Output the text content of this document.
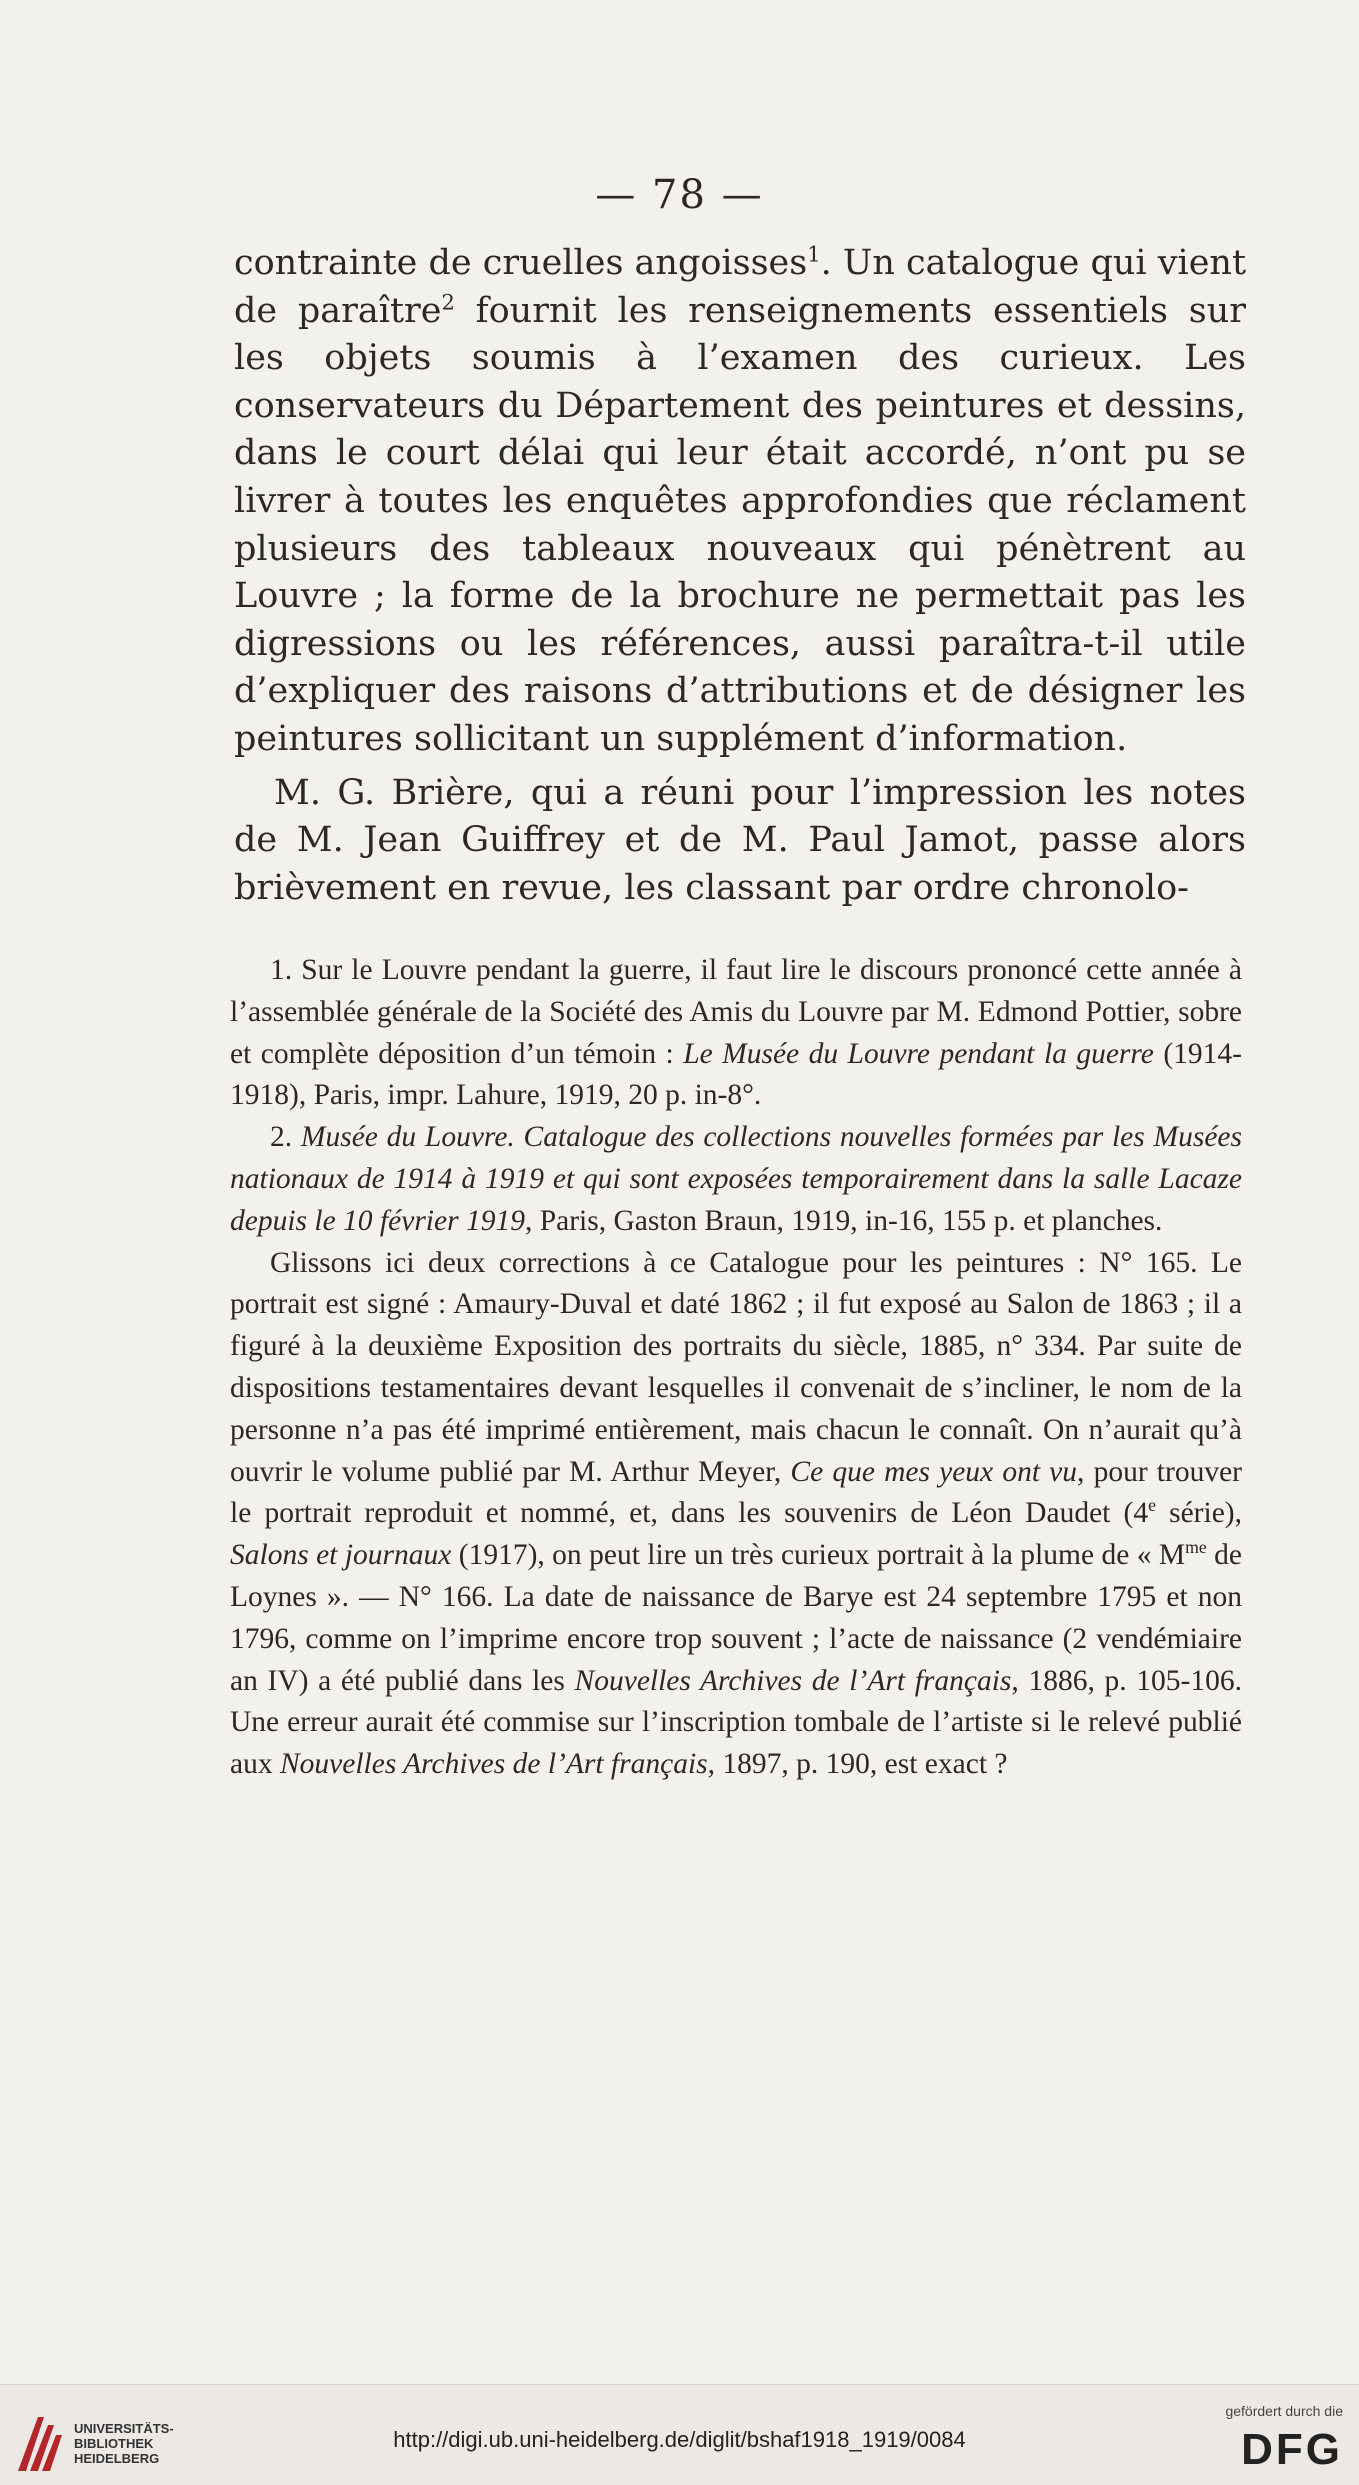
— 78 —

contrainte de cruelles angoisses$^1$. Un catalogue qui vient de paraître$^2$ fournit les renseignements essentiels sur les objets soumis à l’examen des curieux. Les conservateurs du Département des peintures et dessins, dans le court délai qui leur était accordé, n’ont pu se livrer à toutes les enquêtes approfondies que réclament plusieurs des tableaux nouveaux qui pénètrent au Louvre ; la forme de la brochure ne permettait pas les digressions ou les références, aussi paraîtra-t-il utile d’expliquer des raisons d’attributions et de désigner les peintures sollicitant un supplément d’information.

M. G. Brière, qui a réuni pour l’impression les notes de M. Jean Guiffrey et de M. Paul Jamot, passe alors brièvement en revue, les classant par ordre chronolo-

1. Sur le Louvre pendant la guerre, il faut lire le discours prononcé cette année à l’assemblée générale de la Société des Amis du Louvre par M. Edmond Pottier, sobre et complète déposition d’un témoin : Le Musée du Louvre pendant la guerre (1914-1918), Paris, impr. Lahure, 1919, 20 p. in-8°.

2. Musée du Louvre. Catalogue des collections nouvelles formées par les Musées nationaux de 1914 à 1919 et qui sont exposées temporairement dans la salle Lacaze depuis le 10 février 1919, Paris, Gaston Braun, 1919, in-16, 155 p. et planches.

Glissons ici deux corrections à ce Catalogue pour les peintures : N° 165. Le portrait est signé : Amaury-Duval et daté 1862 ; il fut exposé au Salon de 1863 ; il a figuré à la deuxième Exposition des portraits du siècle, 1885, n° 334. Par suite de dispositions testamentaires devant lesquelles il convenait de s’incliner, le nom de la personne n’a pas été imprimé entièrement, mais chacun le connaît. On n’aurait qu’à ouvrir le volume publié par M. Arthur Meyer, Ce que mes yeux ont vu, pour trouver le portrait reproduit et nommé, et, dans les souvenirs de Léon Daudet (4e série), Salons et journaux (1917), on peut lire un très curieux portrait à la plume de « $M^{me}$ de Loynes ». — N° 166. La date de naissance de Barye est 24 septembre 1795 et non 1796, comme on l’imprime encore trop souvent ; l’acte de naissance (2 vendémiaire an IV) a été publié dans les Nouvelles Archives de l’Art français, 1886, p. 105-106. Une erreur aurait été commise sur l’inscription tombale de l’artiste si le relevé publié aux Nouvelles Archives de l’Art français, 1897, p. 190, est exact ?

UNIVERSITÄTS-
BIBLIOTHEK
HEIDELBERG
http://digi.ub.uni-heidelberg.de/diglit/bshaf1918_1919/0084
gefördert durch die
DFG
